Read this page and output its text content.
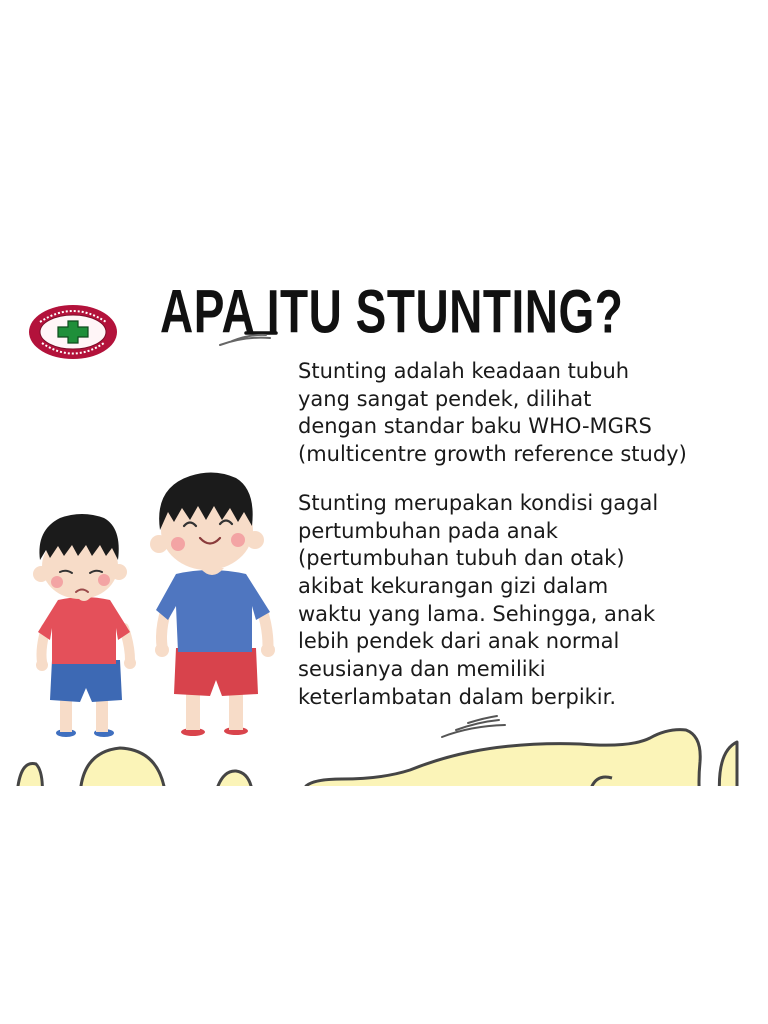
APA ITU STUNTING?
Stunting adalah keadaan tubuh
yang sangat pendek, dilihat
dengan standar baku WHO-MGRS
(multicentre growth reference study)
Stunting merupakan kondisi gagal
pertumbuhan pada anak
(pertumbuhan tubuh dan otak)
akibat kekurangan gizi dalam
waktu yang lama. Sehingga, anak
lebih pendek dari anak normal
seusianya dan memiliki
keterlambatan dalam berpikir.
